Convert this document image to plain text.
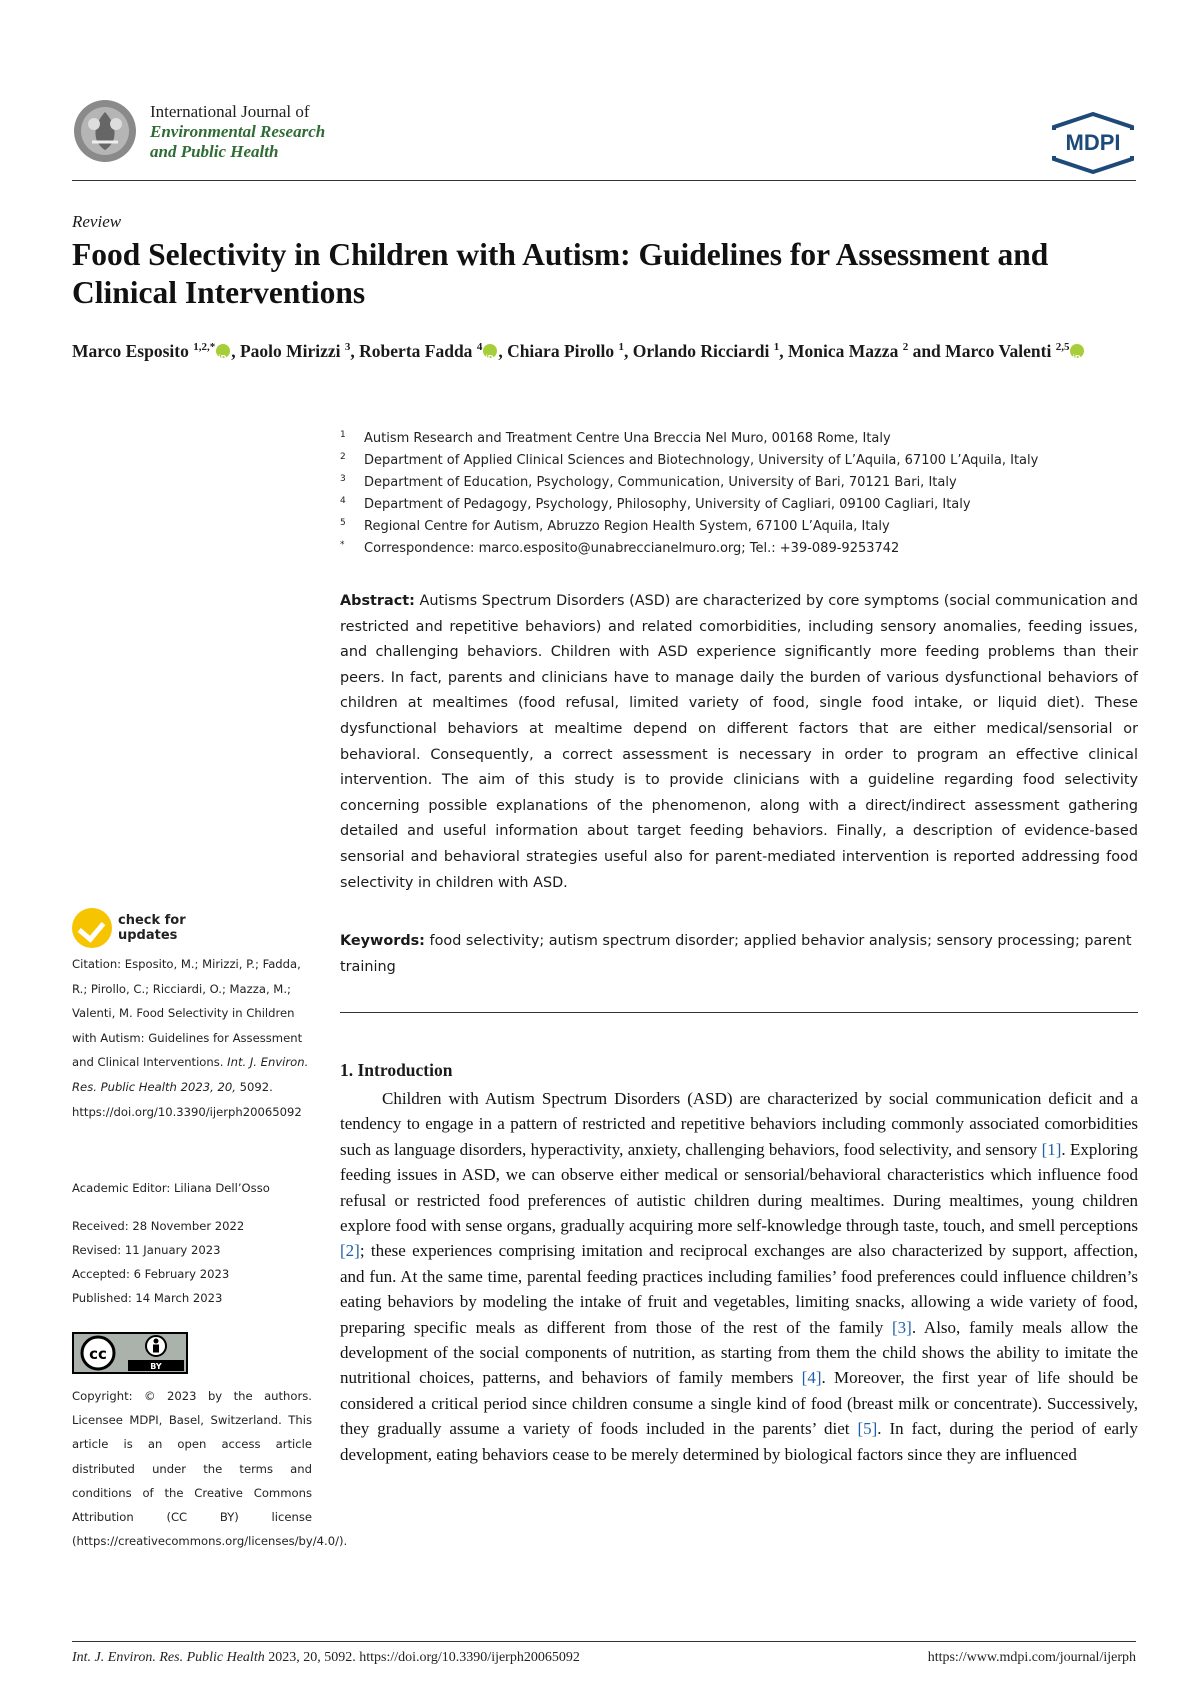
International Journal of
Environmental Research
and Public Health	MDPI
Review
Food Selectivity in Children with Autism: Guidelines for Assessment and Clinical Interventions
Marco Esposito $^{1,2,*}$ iD , Paolo Mirizzi $^3$, Roberta Fadda $^4$ iD , Chiara Pirollo $^1$, Orlando Ricciardi $^1$, Monica Mazza $^2$ and Marco Valenti $^{2,5}$iD
1	Autism Research and Treatment Centre Una Breccia Nel Muro, 00168 Rome, Italy
2	Department of Applied Clinical Sciences and Biotechnology, University of L’Aquila, 67100 L’Aquila, Italy
3	Department of Education, Psychology, Communication, University of Bari, 70121 Bari, Italy
4	Department of Pedagogy, Psychology, Philosophy, University of Cagliari, 09100 Cagliari, Italy
5	Regional Centre for Autism, Abruzzo Region Health System, 67100 L’Aquila, Italy
*	Correspondence: marco.esposito@unabreccianelmuro.org; Tel.: +39-089-9253742

Abstract: Autisms Spectrum Disorders (ASD) are characterized by core symptoms (social communication and restricted and repetitive behaviors) and related comorbidities, including sensory anomalies, feeding issues, and challenging behaviors. Children with ASD experience significantly more feeding problems than their peers. In fact, parents and clinicians have to manage daily the burden of various dysfunctional behaviors of children at mealtimes (food refusal, limited variety of food, single food intake, or liquid diet). These dysfunctional behaviors at mealtime depend on different factors that are either medical/sensorial or behavioral. Consequently, a correct assessment is necessary in order to program an effective clinical intervention. The aim of this study is to provide clinicians with a guideline regarding food selectivity concerning possible explanations of the phenomenon, along with a direct/indirect assessment gathering detailed and useful information about target feeding behaviors. Finally, a description of evidence-based sensorial and behavioral strategies useful also for parent-mediated intervention is reported addressing food selectivity in children with ASD.

Keywords: food selectivity; autism spectrum disorder; applied behavior analysis; sensory processing; parent training

1. Introduction

Children with Autism Spectrum Disorders (ASD) are characterized by social communication deficit and a tendency to engage in a pattern of restricted and repetitive behaviors including commonly associated comorbidities such as language disorders, hyperactivity, anxiety, challenging behaviors, food selectivity, and sensory [1]. Exploring feeding issues in ASD, we can observe either medical or sensorial/behavioral characteristics which influence food refusal or restricted food preferences of autistic children during mealtimes. During mealtimes, young children explore food with sense organs, gradually acquiring more self-knowledge through taste, touch, and smell perceptions [2]; these experiences comprising imitation and reciprocal exchanges are also characterized by support, affection, and fun. At the same time, parental feeding practices including families’ food preferences could influence children’s eating behaviors by modeling the intake of fruit and vegetables, limiting snacks, allowing a wide variety of food, preparing specific meals as different from those of the rest of the family [3]. Also, family meals allow the development of the social components of nutrition, as starting from them the child shows the ability to imitate the nutritional choices, patterns, and behaviors of family members [4]. Moreover, the first year of life should be considered a critical period since children consume a single kind of food (breast milk or concentrate). Successively, they gradually assume a variety of foods included in the parents’ diet [5]. In fact, during the period of early development, eating behaviors cease to be merely determined by biological factors since they are influenced

check for
updates
Citation: Esposito, M.; Mirizzi, P.; Fadda, R.; Pirollo, C.; Ricciardi, O.; Mazza, M.; Valenti, M. Food Selectivity in Children with Autism: Guidelines for Assessment and Clinical Interventions. Int. J. Environ. Res. Public Health 2023, 20, 5092. https://doi.org/10.3390/ijerph20065092

Academic Editor: Liliana Dell’Osso

Received: 28 November 2022

Revised: 11 January 2023

Accepted: 6 February 2023

Published: 14 March 2023

cc
BY

Copyright: © 2023 by the authors. Licensee MDPI, Basel, Switzerland. This article is an open access article distributed under the terms and conditions of the Creative Commons Attribution (CC BY) license (https://creativecommons.org/licenses/by/4.0/).

Int. J. Environ. Res. Public Health 2023, 20, 5092. https://doi.org/10.3390/ijerph20065092	https://www.mdpi.com/journal/ijerph
